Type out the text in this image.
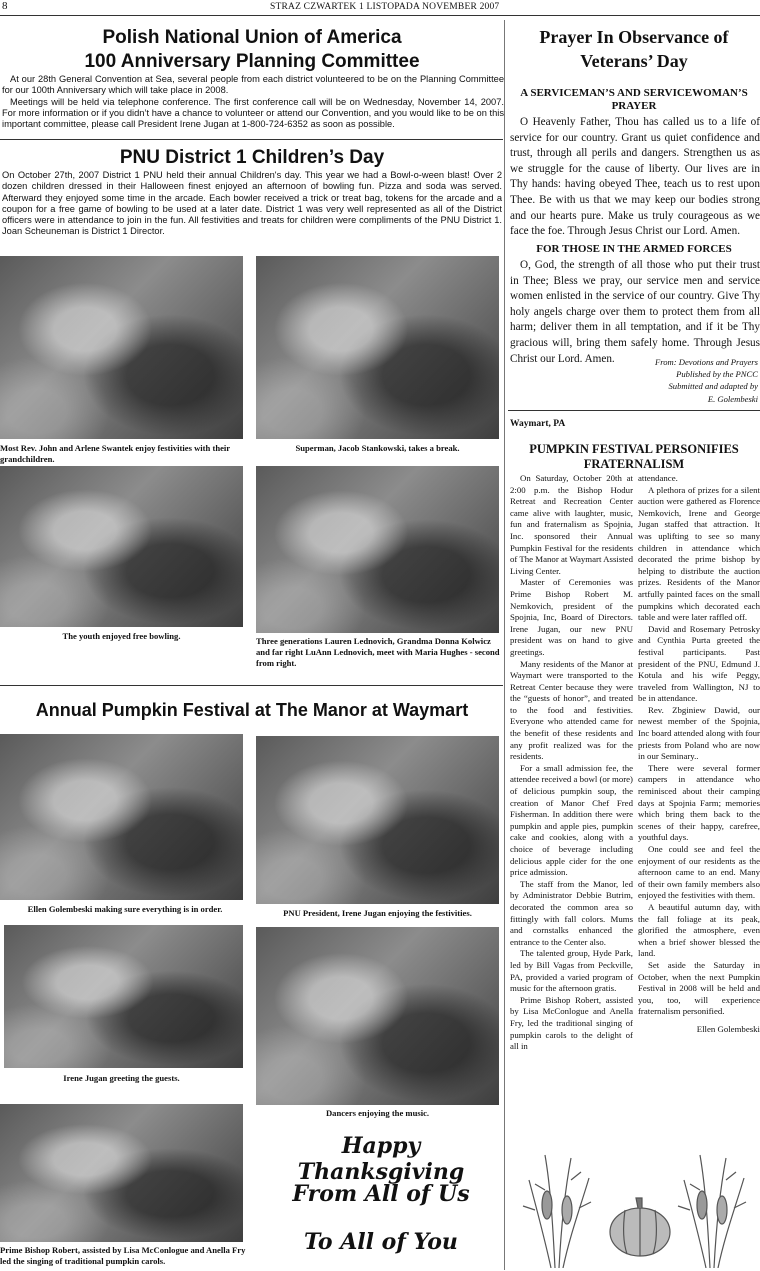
8	STRAZ CZWARTEK 1 LISTOPADA NOVEMBER 2007
Polish National Union of America
100 Anniversary Planning Committee
At our 28th General Convention at Sea, several people from each district volunteered to be on the Planning Committee for our 100th Anniversary which will take place in 2008.
Meetings will be held via telephone conference. The first conference call will be on Wednesday, November 14, 2007. For more information or if you didn’t have a chance to volunteer or attend our Convention, and you would like to be on this important committee, please call President Irene Jugan at 1-800-724-6352 as soon as possible.
PNU District 1 Children’s Day
On October 27th, 2007 District 1 PNU held their annual Children's day. This year we had a Bowl-o-ween blast! Over 2 dozen children dressed in their Halloween finest enjoyed an afternoon of bowling fun. Pizza and soda was served. Afterward they enjoyed some time in the arcade. Each bowler received a trick or treat bag, tokens for the arcade and a coupon for a free game of bowling to be used at a later date. District 1 was very well represented as all of the District officers were in attendance to join in the fun. All festivities and treats for children were compliments of the PNU District 1. Joan Scheuneman is District 1 Director.
Most Rev. John and Arlene Swantek enjoy festivities with their grandchildren.
Superman, Jacob Stankowski, takes a break.
The youth enjoyed free bowling.	Three generations Lauren Lednovich, Grandma Donna Kolwicz and far right LuAnn Lednovich, meet with Maria Hughes - second from right.
Annual Pumpkin Festival at The Manor at Waymart
Ellen Golembeski making sure everything is in order.	PNU President, Irene Jugan enjoying the festivities.
Irene Jugan greeting the guests.
Dancers enjoying the music.
Prime Bishop Robert, assisted by Lisa McConlogue and Anella Fry led the singing of traditional pumpkin carols.
Happy Thanksgiving
From All of Us
To All of You
Prayer In Observance of
Veterans’ Day
A SERVICEMAN’S AND SERVICEWOMAN’S
PRAYER
O Heavenly Father, Thou has called us to a life of service for our country. Grant us quiet confidence and trust, through all perils and dangers. Strengthen us as we struggle for the cause of liberty. Our lives are in Thy hands: having obeyed Thee, teach us to rest upon Thee. Be with us that we may keep our bodies strong and our hearts pure. Make us truly courageous as we face the foe. Through Jesus Christ our Lord. Amen.
FOR THOSE IN THE ARMED FORCES
O, God, the strength of all those who put their trust in Thee; Bless we pray, our service men and service women enlisted in the service of our country. Give Thy holy angels charge over them to protect them from all harm; deliver them in all temptation, and if it be Thy gracious will, bring them safely home. Through Jesus Christ our Lord. Amen.	From: Devotions and Prayers
Published by the PNCC
Submitted and adapted by
E. Golembeski
Waymart, PA
PUMPKIN FESTIVAL PERSONIFIES
FRATERNALISM

On Saturday, October 20th at 2:00 p.m. the Bishop Hodur Retreat and Recreation Center came alive with laughter, music, fun and fraternalism as Spojnia, Inc. sponsored their Annual Pumpkin Festival for the residents of The Manor at Waymart Assisted Living Center.

Master of Ceremonies was Prime Bishop Robert M. Nemkovich, president of the Spojnia, Inc, Board of Directors. Irene Jugan, our new PNU president was on hand to give greetings.

Many residents of the Manor at Waymart were transported to the Retreat Center because they were the “guests of honor”, and treated to the food and festivities. Everyone who attended came for the benefit of these residents and any profit realized was for the residents.

For a small admission fee, the attendee received a bowl (or more) of delicious pumpkin soup, the creation of Manor Chef Fred Fisherman. In addition there were pumpkin and apple pies, pumpkin cake and cookies, along with a choice of beverage including delicious apple cider for the one price admission.

The staff from the Manor, led by Administrator Debbie Butrim, decorated the common area so fittingly with fall colors. Mums and cornstalks enhanced the entrance to the Center also.

The talented group, Hyde Park, led by Bill Vagas from Peckville, PA, provided a varied program of music for the afternoon gratis.

Prime Bishop Robert, assisted by Lisa McConlogue and Anella Fry, led the traditional singing of pumpkin carols to the delight of all in

attendance.

A plethora of prizes for a silent auction were gathered as Florence Nemkovich, Irene and George Jugan staffed that attraction. It was uplifting to see so many children in attendance which decorated the prime bishop by helping to distribute the auction prizes. Residents of the Manor artfully painted faces on the small pumpkins which decorated each table and were later raffled off.

David and Rosemary Petrosky and Cynthia Purta greeted the festival participants. Past president of the PNU, Edmund J. Kotula and his wife Peggy, traveled from Wallington, NJ to be in attendance.

Rev. Zbginiew Dawid, our newest member of the Spojnia, Inc board attended along with four priests from Poland who are now in our Seminary..

There were several former campers in attendance who reminisced about their camping days at Spojnia Farm; memories which bring them back to the scenes of their happy, carefree, youthful days.

One could see and feel the enjoyment of our residents as the afternoon came to an end. Many of their own family members also enjoyed the festivities with them.

A beautiful autumn day, with the fall foliage at its peak, glorified the atmosphere, even when a brief shower blessed the land.

Set aside the Saturday in October, when the next Pumpkin Festival in 2008 will be held and you, too, will experience fraternalism personified.

Ellen Golembeski
